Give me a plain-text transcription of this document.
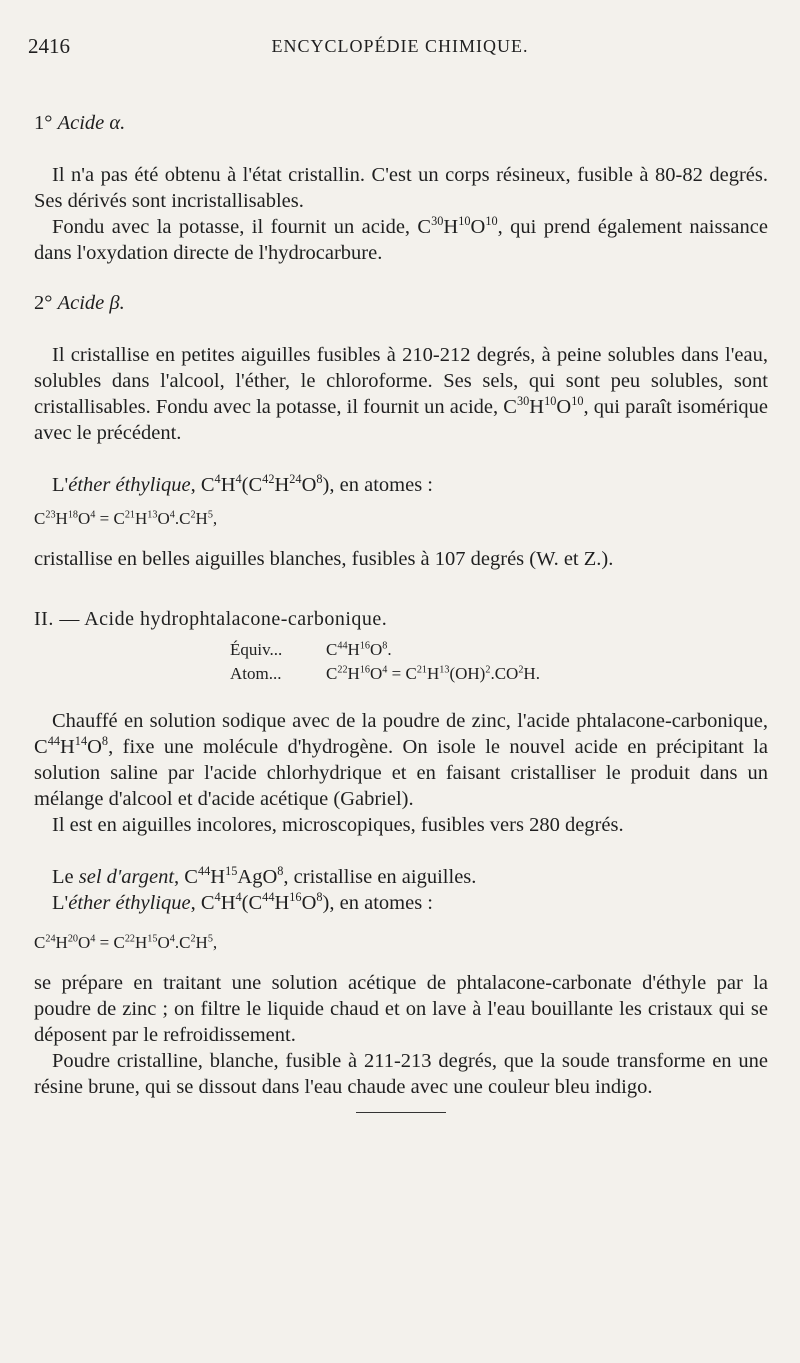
2416	ENCYCLOPÉDIE CHIMIQUE.

1° Acide α.

Il n'a pas été obtenu à l'état cristallin. C'est un corps résineux, fusible à 80-82 degrés. Ses dérivés sont incristallisables.

Fondu avec la potasse, il fournit un acide, $C^{30}H^{10}O^{10}$, qui prend également naissance dans l'oxydation directe de l'hydrocarbure.

2° Acide β.

Il cristallise en petites aiguilles fusibles à 210-212 degrés, à peine solubles dans l'eau, solubles dans l'alcool, l'éther, le chloroforme. Ses sels, qui sont peu solubles, sont cristallisables. Fondu avec la potasse, il fournit un acide, $C^{30}H^{10}O^{10}$, qui paraît isomérique avec le précédent.

L'éther éthylique, $C^4H^4(C^{42}H^{24}O^8)$, en atomes :

$C^{23}H^{18}O^4 = C^{21}H^{13}O^4.C^2H^5$,

cristallise en belles aiguilles blanches, fusibles à 107 degrés (W. et Z.).

II. — Acide hydrophtalacone-carbonique.

Équiv...	$C^{44}H^{16}O^8$.

Atom...	$C^{22}H^{16}O^4 = C^{21}H^{13}(OH)^2.CO^2H$.

Chauffé en solution sodique avec de la poudre de zinc, l'acide phtalacone-carbonique, $C^{44}H^{14}O^8$, fixe une molécule d'hydrogène. On isole le nouvel acide en précipitant la solution saline par l'acide chlorhydrique et en faisant cristalliser le produit dans un mélange d'alcool et d'acide acétique (Gabriel).

Il est en aiguilles incolores, microscopiques, fusibles vers 280 degrés.

Le sel d'argent, $C^{44}H^{15}AgO^8$, cristallise en aiguilles.

L'éther éthylique, $C^4H^4(C^{44}H^{16}O^8)$, en atomes :

$C^{24}H^{20}O^4 = C^{22}H^{15}O^4.C^2H^5$,

se prépare en traitant une solution acétique de phtalacone-carbonate d'éthyle par la poudre de zinc ; on filtre le liquide chaud et on lave à l'eau bouillante les cristaux qui se déposent par le refroidissement.

Poudre cristalline, blanche, fusible à 211-213 degrés, que la soude transforme en une résine brune, qui se dissout dans l'eau chaude avec une couleur bleu indigo.
